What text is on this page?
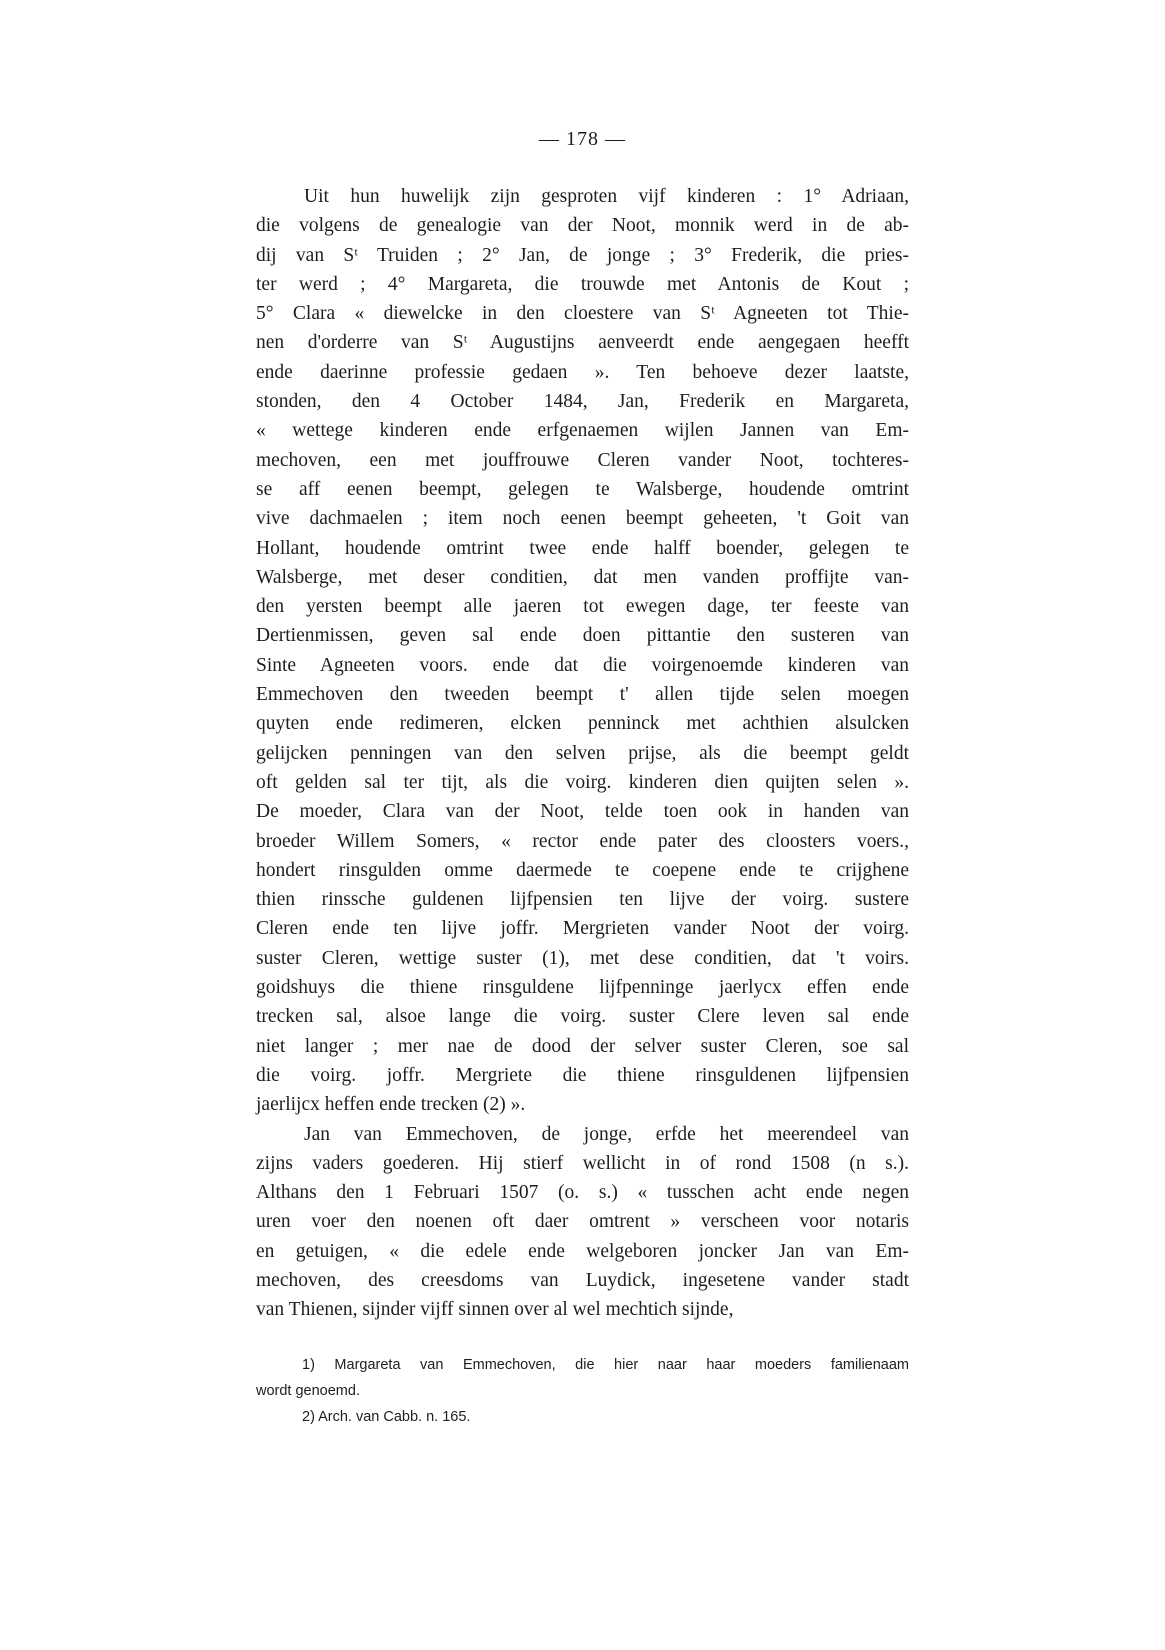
— 178 —
Uit hun huwelijk zijn gesproten vijf kinderen : 1° Adriaan,
die volgens de genealogie van der Noot, monnik werd in de ab-
dij van Sᵗ Truiden ; 2° Jan, de jonge ; 3° Frederik, die pries-
ter werd ; 4° Margareta, die trouwde met Antonis de Kout ;
5° Clara « diewelcke in den cloestere van Sᵗ Agneeten tot Thie-
nen d'orderre van Sᵗ Augustijns aenveerdt ende aengegaen heefft
ende daerinne professie gedaen ». Ten behoeve dezer laatste,
stonden, den 4 October 1484, Jan, Frederik en Margareta,
« wettege kinderen ende erfgenaemen wijlen Jannen van Em-
mechoven, een met jouffrouwe Cleren vander Noot, tochteres-
se aff eenen beempt, gelegen te Walsberge, houdende omtrint
vive dachmaelen ; item noch eenen beempt geheeten, 't Goit van
Hollant, houdende omtrint twee ende halff boender, gelegen te
Walsberge, met deser conditien, dat men vanden proffijte van-
den yersten beempt alle jaeren tot ewegen dage, ter feeste van
Dertienmissen, geven sal ende doen pittantie den susteren van
Sinte Agneeten voors. ende dat die voirgenoemde kinderen van
Emmechoven den tweeden beempt t' allen tijde selen moegen
quyten ende redimeren, elcken penninck met achthien alsulcken
gelijcken penningen van den selven prijse, als die beempt geldt
oft gelden sal ter tijt, als die voirg. kinderen dien quijten selen ».
De moeder, Clara van der Noot, telde toen ook in handen van
broeder Willem Somers, « rector ende pater des cloosters voers.,
hondert rinsgulden omme daermede te coepene ende te crijghene
thien rinssche guldenen lijfpensien ten lijve der voirg. sustere
Cleren ende ten lijve joffr. Mergrieten vander Noot der voirg.
suster Cleren, wettige suster (1), met dese conditien, dat 't voirs.
goidshuys die thiene rinsguldene lijfpenninge jaerlycx effen ende
trecken sal, alsoe lange die voirg. suster Clere leven sal ende
niet langer ; mer nae de dood der selver suster Cleren, soe sal
die voirg. joffr. Mergriete die thiene rinsguldenen lijfpensien
jaerlijcx heffen ende trecken (2) ».
Jan van Emmechoven, de jonge, erfde het meerendeel van
zijns vaders goederen. Hij stierf wellicht in of rond 1508 (n s.).
Althans den 1 Februari 1507 (o. s.) « tusschen acht ende negen
uren voer den noenen oft daer omtrent » verscheen voor notaris
en getuigen, « die edele ende welgeboren joncker Jan van Em-
mechoven, des creesdoms van Luydick, ingesetene vander stadt
van Thienen, sijnder vijff sinnen over al wel mechtich sijnde,
1) Margareta van Emmechoven, die hier naar haar moeders familienaam
wordt genoemd.
2) Arch. van Cabb. n. 165.
